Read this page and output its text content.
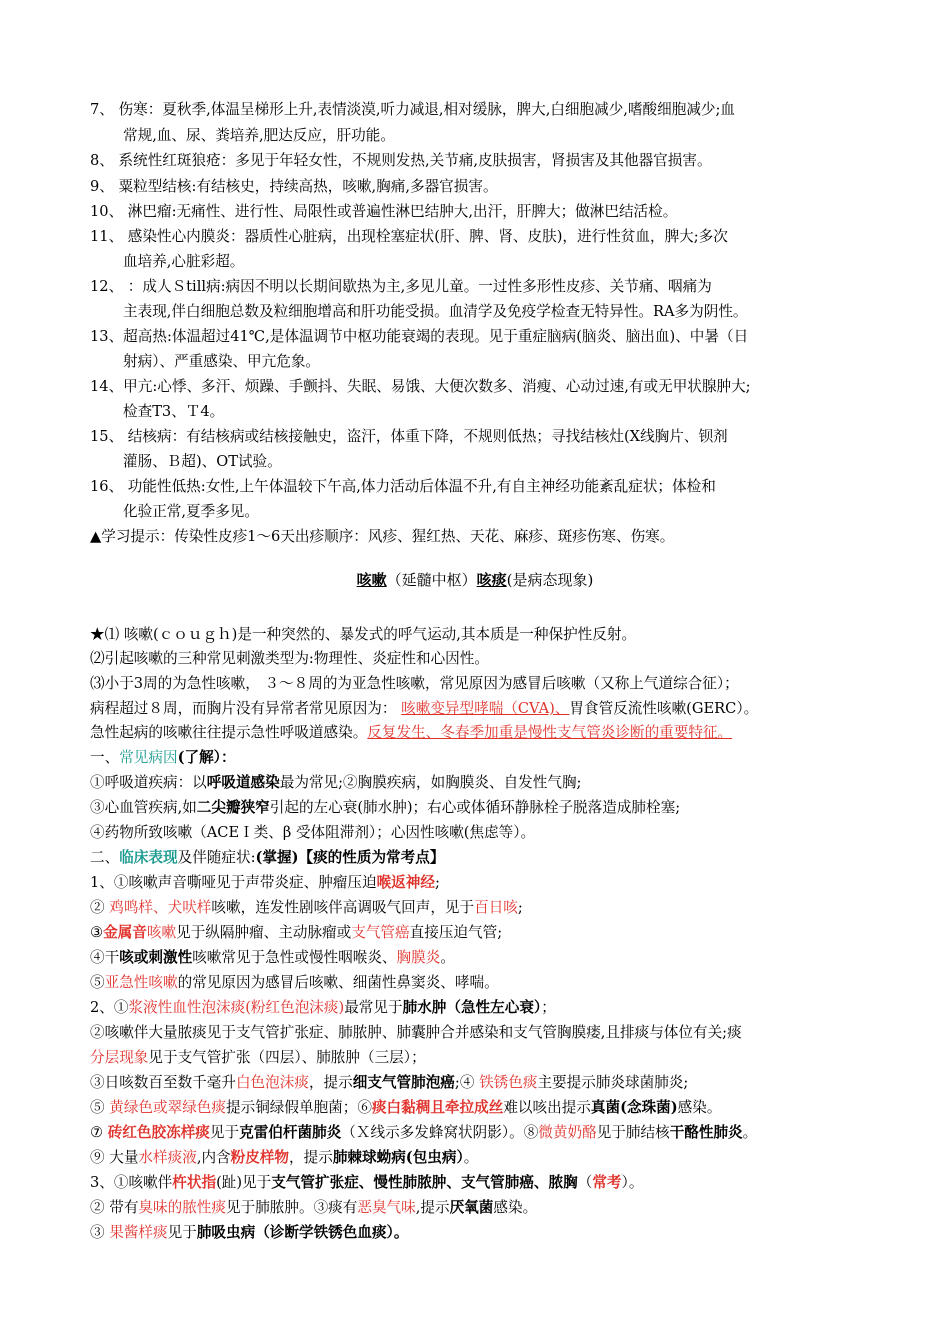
7、 伤寒：夏秋季,体温呈梯形上升,表情淡漠,听力减退,相对缓脉，脾大,白细胞减少,嗜酸细胞减少;血
常规,血、尿、粪培养,肥达反应，肝功能。
8、 系统性红斑狼疮：多见于年轻女性，不规则发热,关节痛,皮肤损害，肾损害及其他器官损害。
9、 粟粒型结核:有结核史，持续高热，咳嗽,胸痛,多器官损害。
10、 淋巴瘤:无痛性、进行性、局限性或普遍性淋巴结肿大,出汗，肝脾大；做淋巴结活检。
11、 感染性心内膜炎：器质性心脏病，出现栓塞症状(肝、脾、肾、皮肤)，进行性贫血，脾大;多次
血培养,心脏彩超。
12、 ：成人Ｓtill病:病因不明以长期间歇热为主,多见儿童。一过性多形性皮疹、关节痛、咽痛为
主表现,伴白细胞总数及粒细胞增高和肝功能受损。血清学及免疫学检查无特异性。RA多为阴性。
13、超高热:体温超过41℃,是体温调节中枢功能衰竭的表现。见于重症脑病(脑炎、脑出血)、中暑（日
射病）、严重感染、甲亢危象。
14、甲亢:心悸、多汗、烦躁、手颤抖、失眠、易饿、大便次数多、消瘦、心动过速,有或无甲状腺肿大;
检查T3、Ｔ4。
15、 结核病：有结核病或结核接触史，盗汗，体重下降，不规则低热；寻找结核灶(X线胸片、钡剂
灌肠、Ｂ超)、OT试验。
16、 功能性低热:女性,上午体温较下午高,体力活动后体温不升,有自主神经功能紊乱症状；体检和
化验正常,夏季多见。
▲学习提示：传染性皮疹1～6天出疹顺序：风疹、猩红热、天花、麻疹、斑疹伤寒、伤寒。
咳嗽（延髓中枢）咳痰(是病态现象)
★⑴ 咳嗽(ｃｏｕｇｈ)是一种突然的、暴发式的呼气运动,其本质是一种保护性反射。
⑵引起咳嗽的三种常见刺激类型为:物理性、炎症性和心因性。
⑶小于3周的为急性咳嗽， ３～８周的为亚急性咳嗽，常见原因为感冒后咳嗽（又称上气道综合征）；
病程超过８周，而胸片没有异常者常见原因为： 咳嗽变异型哮喘（CVA)、胃食管反流性咳嗽(GERC）。
急性起病的咳嗽往往提示急性呼吸道感染。反复发生、冬春季加重是慢性支气管炎诊断的重要特征。
一、常见病因(了解）：
①呼吸道疾病：以呼吸道感染最为常见;②胸膜疾病，如胸膜炎、自发性气胸;
③心血管疾病,如二尖瓣狭窄引起的左心衰(肺水肿)；右心或体循环静脉栓子脱落造成肺栓塞;
④药物所致咳嗽（ACEＩ类、β 受体阻滞剂）；心因性咳嗽(焦虑等）。
二、临床表现及伴随症状:(掌握)【痰的性质为常考点】
1、①咳嗽声音嘶哑见于声带炎症、肿瘤压迫喉返神经;
② 鸡鸣样、犬吠样咳嗽，连发性剧咳伴高调吸气回声，见于百日咳;
③金属音咳嗽见于纵隔肿瘤、主动脉瘤或支气管癌直接压迫气管;
④干咳或刺激性咳嗽常见于急性或慢性咽喉炎、胸膜炎。
⑤亚急性咳嗽的常见原因为感冒后咳嗽、细菌性鼻窦炎、哮喘。
2、①浆液性血性泡沫痰(粉红色泡沫痰)最常见于肺水肿（急性左心衰）；
②咳嗽伴大量脓痰见于支气管扩张症、肺脓肿、肺囊肿合并感染和支气管胸膜瘘,且排痰与体位有关;痰
分层现象见于支气管扩张（四层）、肺脓肿（三层）；
③日咳数百至数千毫升白色泡沫痰，提示细支气管肺泡癌;④ 铁锈色痰主要提示肺炎球菌肺炎;
⑤ 黄绿色或翠绿色痰提示铜绿假单胞菌；⑥痰白黏稠且牵拉成丝难以咳出提示真菌(念珠菌)感染。
⑦ 砖红色胶冻样痰见于克雷伯杆菌肺炎（Ｘ线示多发蜂窝状阴影）。⑧微黄奶酪见于肺结核干酪性肺炎。
⑨ 大量水样痰液,内含粉皮样物，提示肺棘球蚴病(包虫病）。
3、①咳嗽伴杵状指(趾)见于支气管扩张症、慢性肺脓肿、支气管肺癌、脓胸（常考）。
② 带有臭味的脓性痰见于肺脓肿。③痰有恶臭气味,提示厌氧菌感染。
③ 果酱样痰见于肺吸虫病（诊断学铁锈色血痰）。
